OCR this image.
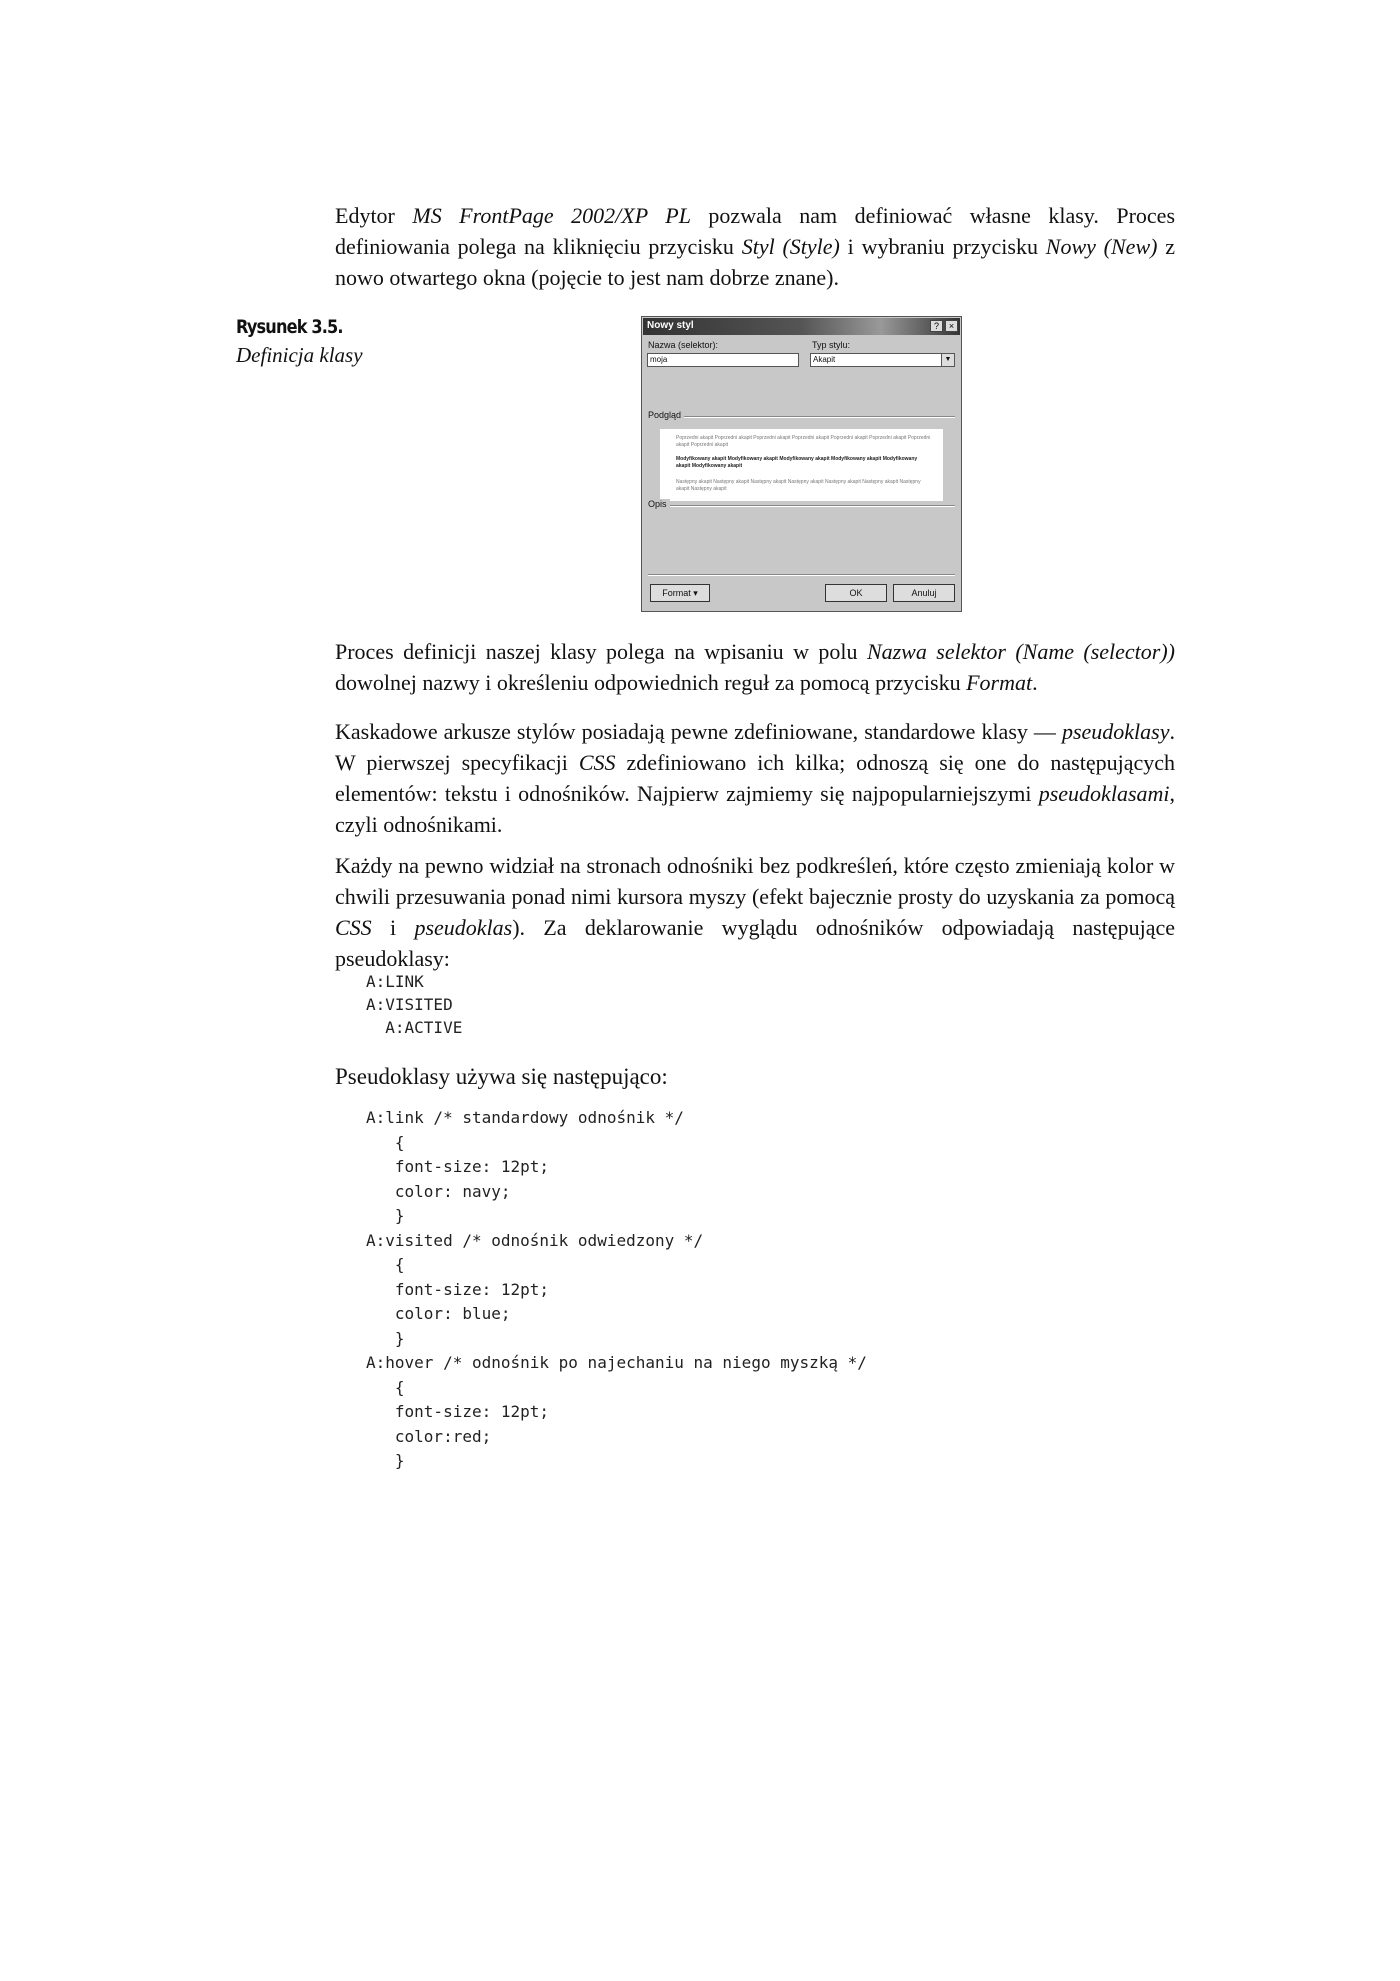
Edytor MS FrontPage 2002/XP PL pozwala nam definiować własne klasy. Proces definiowania polega na kliknięciu przycisku Styl (Style) i wybraniu przycisku Nowy (New) z nowo otwartego okna (pojęcie to jest nam dobrze znane).

Rysunek 3.5.
Definicja klasy
Nowy styl	?	×
Nazwa (selektor):
moja
Typ stylu:
Akapit	▼
Podgląd
Poprzedni akapit Poprzedni akapit Poprzedni akapit Poprzedni akapit Poprzedni akapit Poprzedni akapit Poprzedni akapit Poprzedni akapit
Modyfikowany akapit Modyfikowany akapit Modyfikowany akapit Modyfikowany akapit Modyfikowany akapit Modyfikowany akapit
Następny akapit Następny akapit Następny akapit Następny akapit Następny akapit Następny akapit Następny akapit Następny akapit
Opis
Format ▾	OK	Anuluj

Proces definicji naszej klasy polega na wpisaniu w polu Nazwa selektor (Name (selector)) dowolnej nazwy i określeniu odpowiednich reguł za pomocą przycisku Format.

Kaskadowe arkusze stylów posiadają pewne zdefiniowane, standardowe klasy — pseudoklasy. W pierwszej specyfikacji CSS zdefiniowano ich kilka; odnoszą się one do następujących elementów: tekstu i odnośników. Najpierw zajmiemy się najpopularniejszymi pseudoklasami, czyli odnośnikami.

Każdy na pewno widział na stronach odnośniki bez podkreśleń, które często zmieniają kolor w chwili przesuwania ponad nimi kursora myszy (efekt bajecznie prosty do uzyskania za pomocą CSS i pseudoklas). Za deklarowanie wyglądu odnośników odpowiadają następujące pseudoklasy:

A:LINK
A:VISITED
A:ACTIVE
Pseudoklasy używa się następująco:
A:link /* standardowy odnośnik */
{
font-size: 12pt;
color: navy;
}
A:visited /* odnośnik odwiedzony */
{
font-size: 12pt;
color: blue;
}
A:hover /* odnośnik po najechaniu na niego myszką */
{
font-size: 12pt;
color:red;
}
